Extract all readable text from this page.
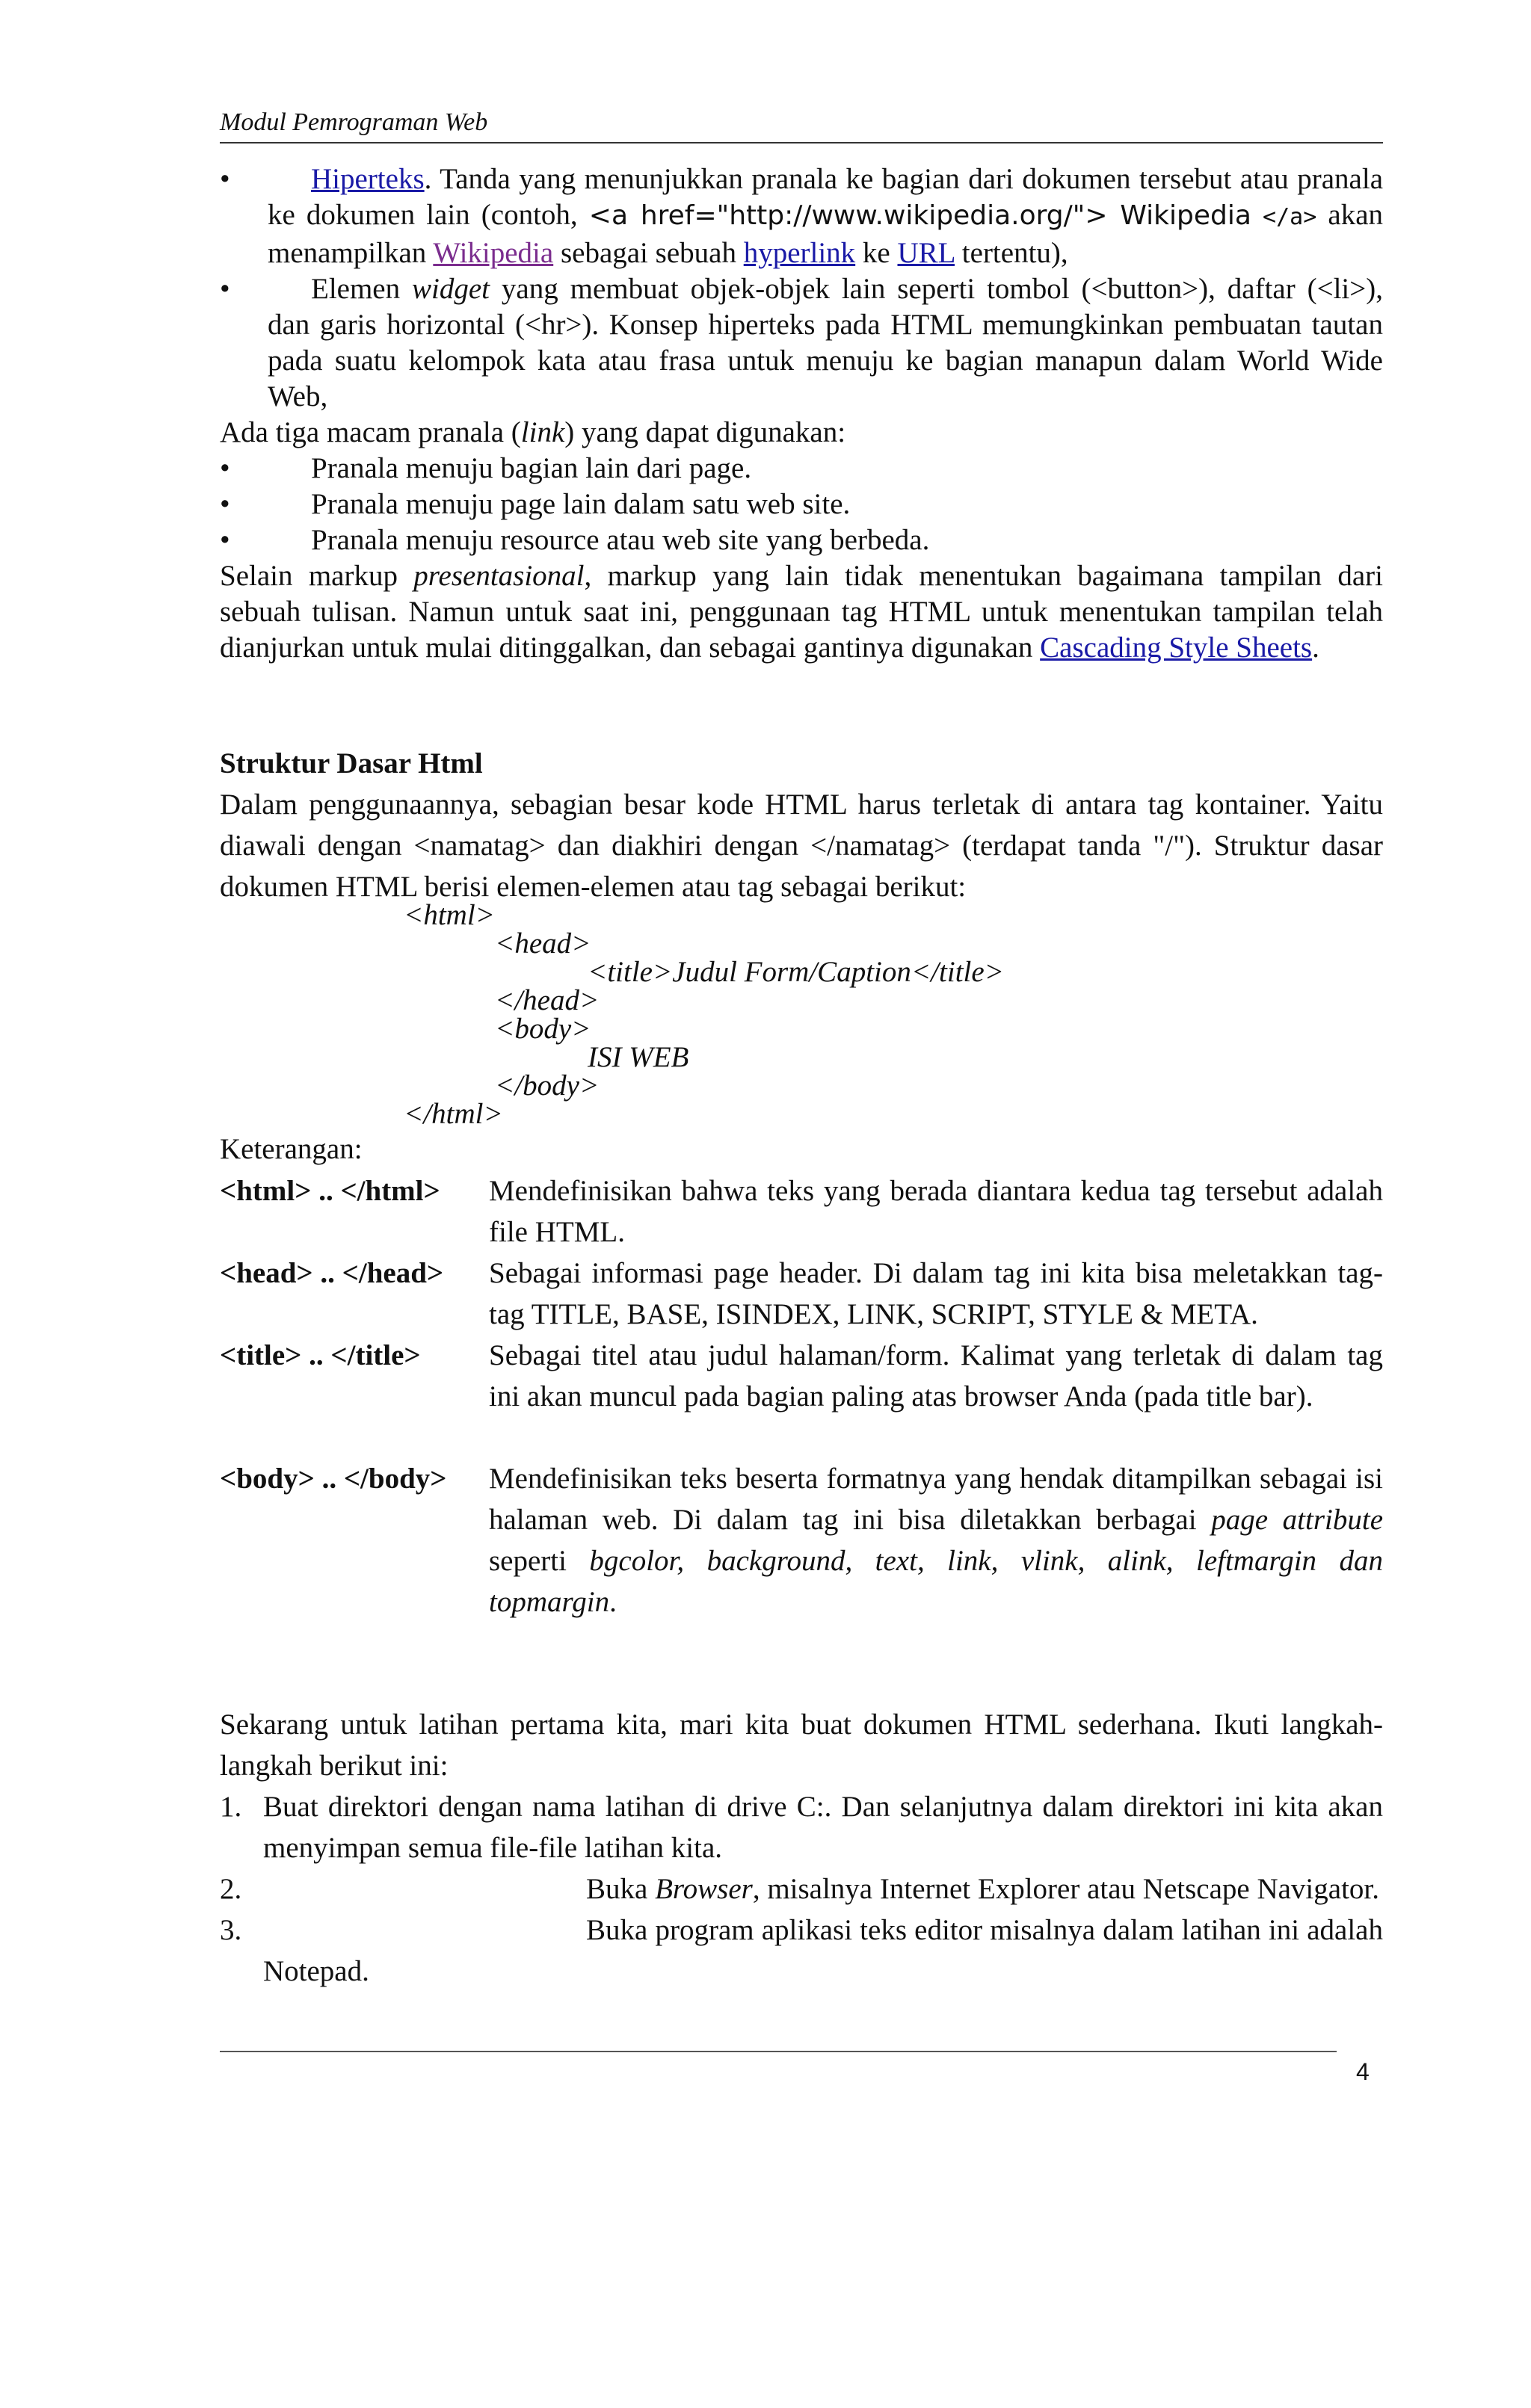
Modul Pemrograman Web
•	Hiperteks. Tanda yang menunjukkan pranala ke bagian dari dokumen tersebut atau pranala ke dokumen lain (contoh, <a href="http://www.wikipedia.org/"> Wikipedia </a> akan menampilkan Wikipedia sebagai sebuah hyperlink ke URL tertentu),
•	Elemen widget yang membuat objek-objek lain seperti tombol (<button>), daftar (<li>), dan garis horizontal (<hr>). Konsep hiperteks pada HTML memungkinkan pembuatan tautan pada suatu kelompok kata atau frasa untuk menuju ke bagian manapun dalam World Wide Web,

Ada tiga macam pranala (link) yang dapat digunakan:

•	Pranala menuju bagian lain dari page.
•	Pranala menuju page lain dalam satu web site.
•	Pranala menuju resource atau web site yang berbeda.

Selain markup presentasional, markup yang lain tidak menentukan bagaimana tampilan dari sebuah tulisan. Namun untuk saat ini, penggunaan tag HTML untuk menentukan tampilan telah dianjurkan untuk mulai ditinggalkan, dan sebagai gantinya digunakan Cascading Style Sheets.

Struktur Dasar Html

Dalam penggunaannya, sebagian besar kode HTML harus terletak di antara tag kontainer. Yaitu diawali dengan <namatag> dan diakhiri dengan </namatag> (terdapat tanda "/"). Struktur dasar dokumen HTML berisi elemen-elemen atau tag sebagai berikut:

<html>
<head>
<title>Judul Form/Caption</title>
</head>
<body>
ISI WEB
</body>
</html>
Keterangan:
<html> .. </html> Mendefinisikan bahwa teks yang berada diantara kedua tag tersebut adalah file HTML.
<head> .. </head> Sebagai informasi page header. Di dalam tag ini kita bisa meletakkan tag-tag TITLE, BASE, ISINDEX, LINK, SCRIPT, STYLE & META.
<title> .. </title> Sebagai titel atau judul halaman/form. Kalimat yang terletak di dalam tag ini akan muncul pada bagian paling atas browser Anda (pada title bar).
<body> .. </body> Mendefinisikan teks beserta formatnya yang hendak ditampilkan sebagai isi halaman web. Di dalam tag ini bisa diletakkan berbagai page attribute seperti bgcolor, background, text, link, vlink, alink, leftmargin dan topmargin.

Sekarang untuk latihan pertama kita, mari kita buat dokumen HTML sederhana. Ikuti langkah-langkah berikut ini:

1. Buat direktori dengan nama latihan di drive C:. Dan selanjutnya dalam direktori ini kita akan menyimpan semua file-file latihan kita.
2.	Buka Browser, misalnya Internet Explorer atau Netscape Navigator.
3.	Buka program aplikasi teks editor misalnya dalam latihan ini adalah Notepad.
4
